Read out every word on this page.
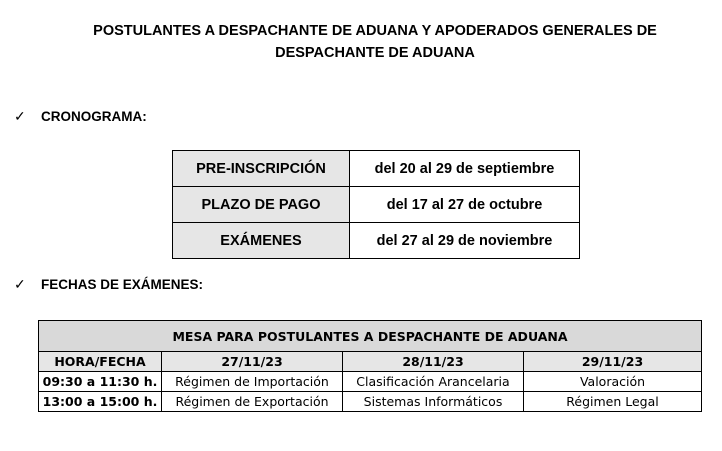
POSTULANTES A DESPACHANTE DE ADUANA Y APODERADOS GENERALES DE
DESPACHANTE DE ADUANA
✓	CRONOGRAMA:
PRE-INSCRIPCIÓN	del 20 al 29 de septiembre
PLAZO DE PAGO	del 17 al 27 de octubre
EXÁMENES	del 27 al 29 de noviembre
✓	FECHAS DE EXÁMENES:
MESA PARA POSTULANTES A DESPACHANTE DE ADUANA			
HORA/FECHA	27/11/23	28/11/23	29/11/23
09:30 a 11:30 h.	Régimen de Importación	Clasificación Arancelaria	Valoración
13:00 a 15:00 h.	Régimen de Exportación	Sistemas Informáticos	Régimen Legal
